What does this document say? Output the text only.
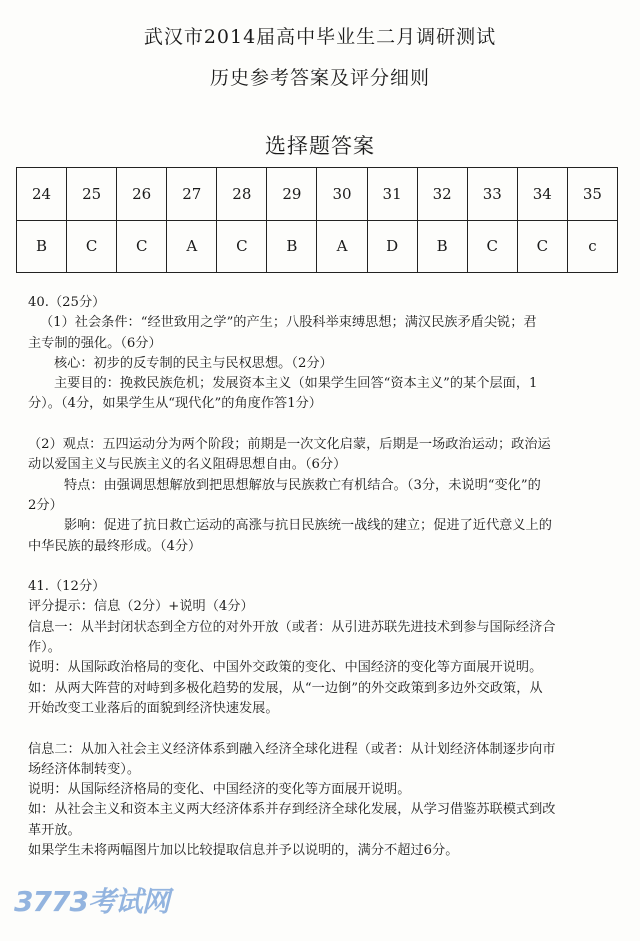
武汉市2014届高中毕业生二月调研测试
历史参考答案及评分细则
选择题答案
24	25	26	27	28	29	30	31	32	33	34	35
B	C	C	A	C	B	A	D	B	C	C	c
40.（25分）
（1）社会条件：“经世致用之学”的产生；八股科举束缚思想；满汉民族矛盾尖锐；君
主专制的强化。（6分）
核心：初步的反专制的民主与民权思想。（2分）
主要目的：挽救民族危机；发展资本主义（如果学生回答“资本主义”的某个层面，1
分）。（4分，如果学生从“现代化”的角度作答1分）
（2）观点：五四运动分为两个阶段；前期是一次文化启蒙，后期是一场政治运动；政治运
动以爱国主义与民族主义的名义阻碍思想自由。（6分）
特点：由强调思想解放到把思想解放与民族救亡有机结合。（3分，未说明“变化”的
2分）
影响：促进了抗日救亡运动的高涨与抗日民族统一战线的建立；促进了近代意义上的
中华民族的最终形成。（4分）
41.（12分）
评分提示：信息（2分）+说明（4分）
信息一：从半封闭状态到全方位的对外开放（或者：从引进苏联先进技术到参与国际经济合
作）。
说明：从国际政治格局的变化、中国外交政策的变化、中国经济的变化等方面展开说明。
如：从两大阵营的对峙到多极化趋势的发展，从“一边倒”的外交政策到多边外交政策，从
开始改变工业落后的面貌到经济快速发展。
信息二：从加入社会主义经济体系到融入经济全球化进程（或者：从计划经济体制逐步向市
场经济体制转变）。
说明：从国际经济格局的变化、中国经济的变化等方面展开说明。
如：从社会主义和资本主义两大经济体系并存到经济全球化发展，从学习借鉴苏联模式到改
革开放。
如果学生未将两幅图片加以比较提取信息并予以说明的，满分不超过6分。
3773考试网
